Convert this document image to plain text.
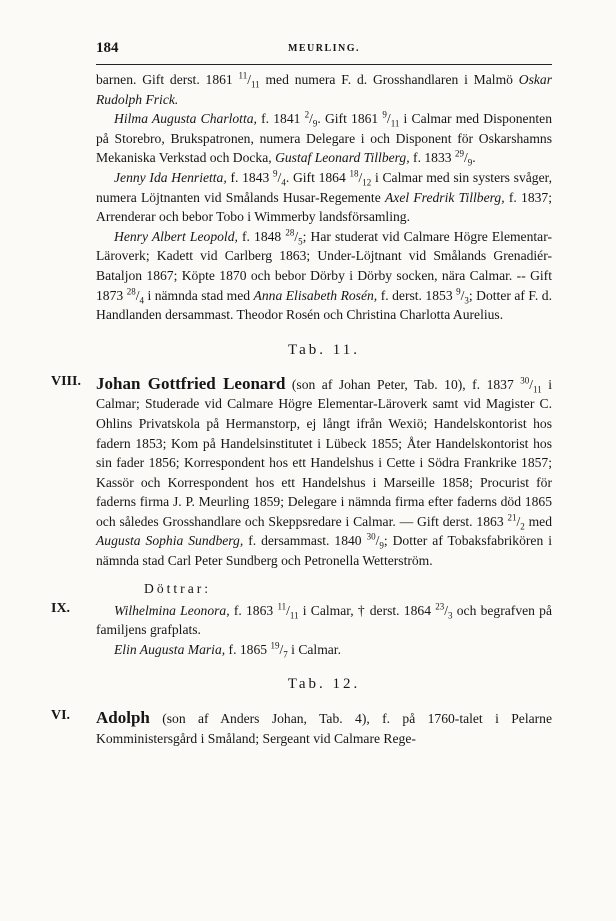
184	MEURLING.

barnen. Gift derst. 1861 $^{11}/_{11}$ med numera F. d. Grosshandlaren i Malmö Oskar Rudolph Frick.

Hilma Augusta Charlotta, f. 1841 $^2/_9$. Gift 1861 $^9/_{11}$ i Calmar med Disponenten på Storebro, Brukspatronen, numera Delegare i och Disponent för Oskarshamns Mekaniska Verkstad och Docka, Gustaf Leonard Tillberg, f. 1833 $^{29}/_9$.

Jenny Ida Henrietta, f. 1843 $^9/_4$. Gift 1864 $^{18}/_{12}$ i Calmar med sin systers svåger, numera Löjtnanten vid Smålands Husar-Regemente Axel Fredrik Tillberg, f. 1837; Arrenderar och bebor Tobo i Wimmerby landsförsamling.

Henry Albert Leopold, f. 1848 $^{28}/_5$; Har studerat vid Calmare Högre Elementar-Läroverk; Kadett vid Carlberg 1863; Under-Löjtnant vid Smålands Grenadiér-Bataljon 1867; Köpte 1870 och bebor Dörby i Dörby socken, nära Calmar. -- Gift 1873 $^{28}/_4$ i nämnda stad med Anna Elisabeth Rosén, f. derst. 1853 $^9/_3$; Dotter af F. d. Handlanden dersammast. Theodor Rosén och Christina Charlotta Aurelius.

Tab. 11.
VIII. Johan Gottfried Leonard (son af Johan Peter, Tab. 10), f. 1837 $^{30}/_{11}$ i Calmar; Studerade vid Calmare Högre Elementar-Läroverk samt vid Magister C. Ohlins Privatskola på Hermanstorp, ej långt ifrån Wexiö; Handelskontorist hos fadern 1853; Kom på Handelsinstitutet i Lübeck 1855; Åter Handelskontorist hos sin fader 1856; Korrespondent hos ett Handelshus i Cette i Södra Frankrike 1857; Kassör och Korrespondent hos ett Handelshus i Marseille 1858; Procurist för faderns firma J. P. Meurling 1859; Delegare i nämnda firma efter faderns död 1865 och således Grosshandlare och Skeppsredare i Calmar. — Gift derst. 1863 $^{21}/_2$ med Augusta Sophia Sundberg, f. dersammast. 1840 $^{30}/_9$; Dotter af Tobaksfabrikören i nämnda stad Carl Peter Sundberg och Petronella Wetterström.

Döttrar:
IX.	Wilhelmina Leonora, f. 1863 $^{11}/_{11}$ i Calmar, † derst. 1864 $^{23}/_3$ och begrafven på familjens grafplats.

Elin Augusta Maria, f. 1865 $^{19}/_7$ i Calmar.

Tab. 12.
VI. Adolph (son af Anders Johan, Tab. 4), f. på 1760-talet i Pelarne Komministersgård i Småland; Sergeant vid Calmare Rege-
